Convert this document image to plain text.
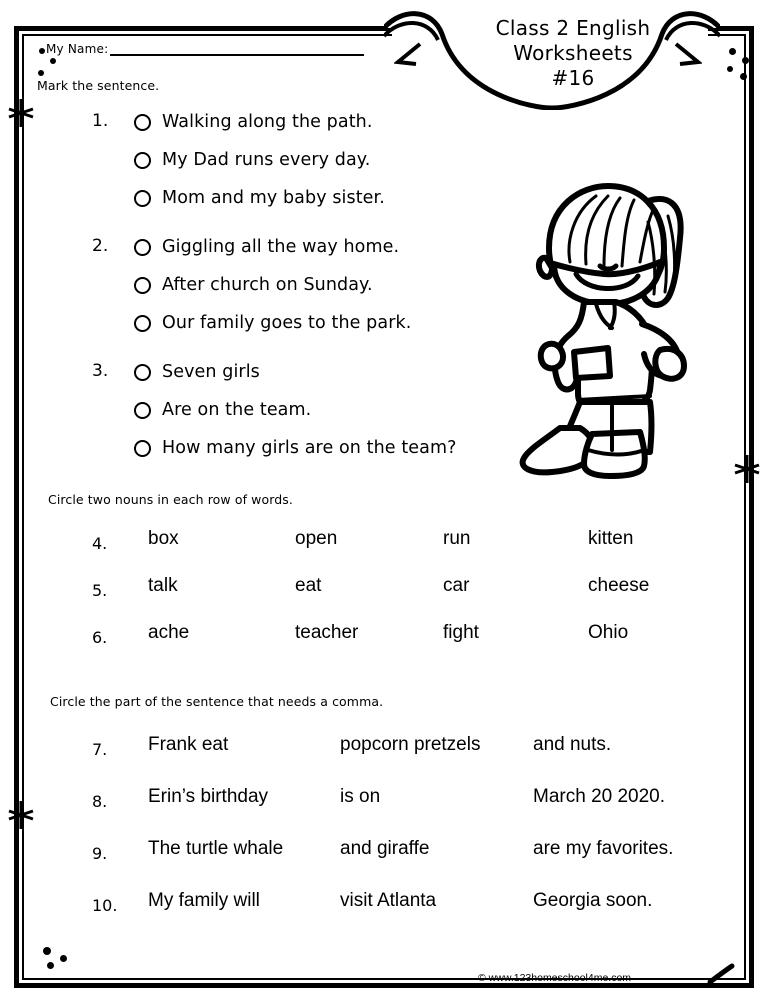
Class 2 English
Worksheets
#16
My Name:
Mark the sentence.
1.	Walking along the path.
My Dad runs every day.
Mom and my baby sister.
2.	Giggling all the way home.
After church on Sunday.
Our family goes to the park.
3.	Seven girls
Are on the team.
How many girls are on the team?
Circle two nouns in each row of words.
4. box	open	run	kitten
5. talk	eat	car	cheese
6. ache	teacher	fight	Ohio
Circle the part of the sentence that needs a comma.
7. Frank eat	popcorn pretzels	and nuts.
8. Erin’s birthday	is on	March 20 2020.
9. The turtle whale	and giraffe	are my favorites.
10. My family will	visit Atlanta	Georgia soon.
© www.123homeschool4me.com
